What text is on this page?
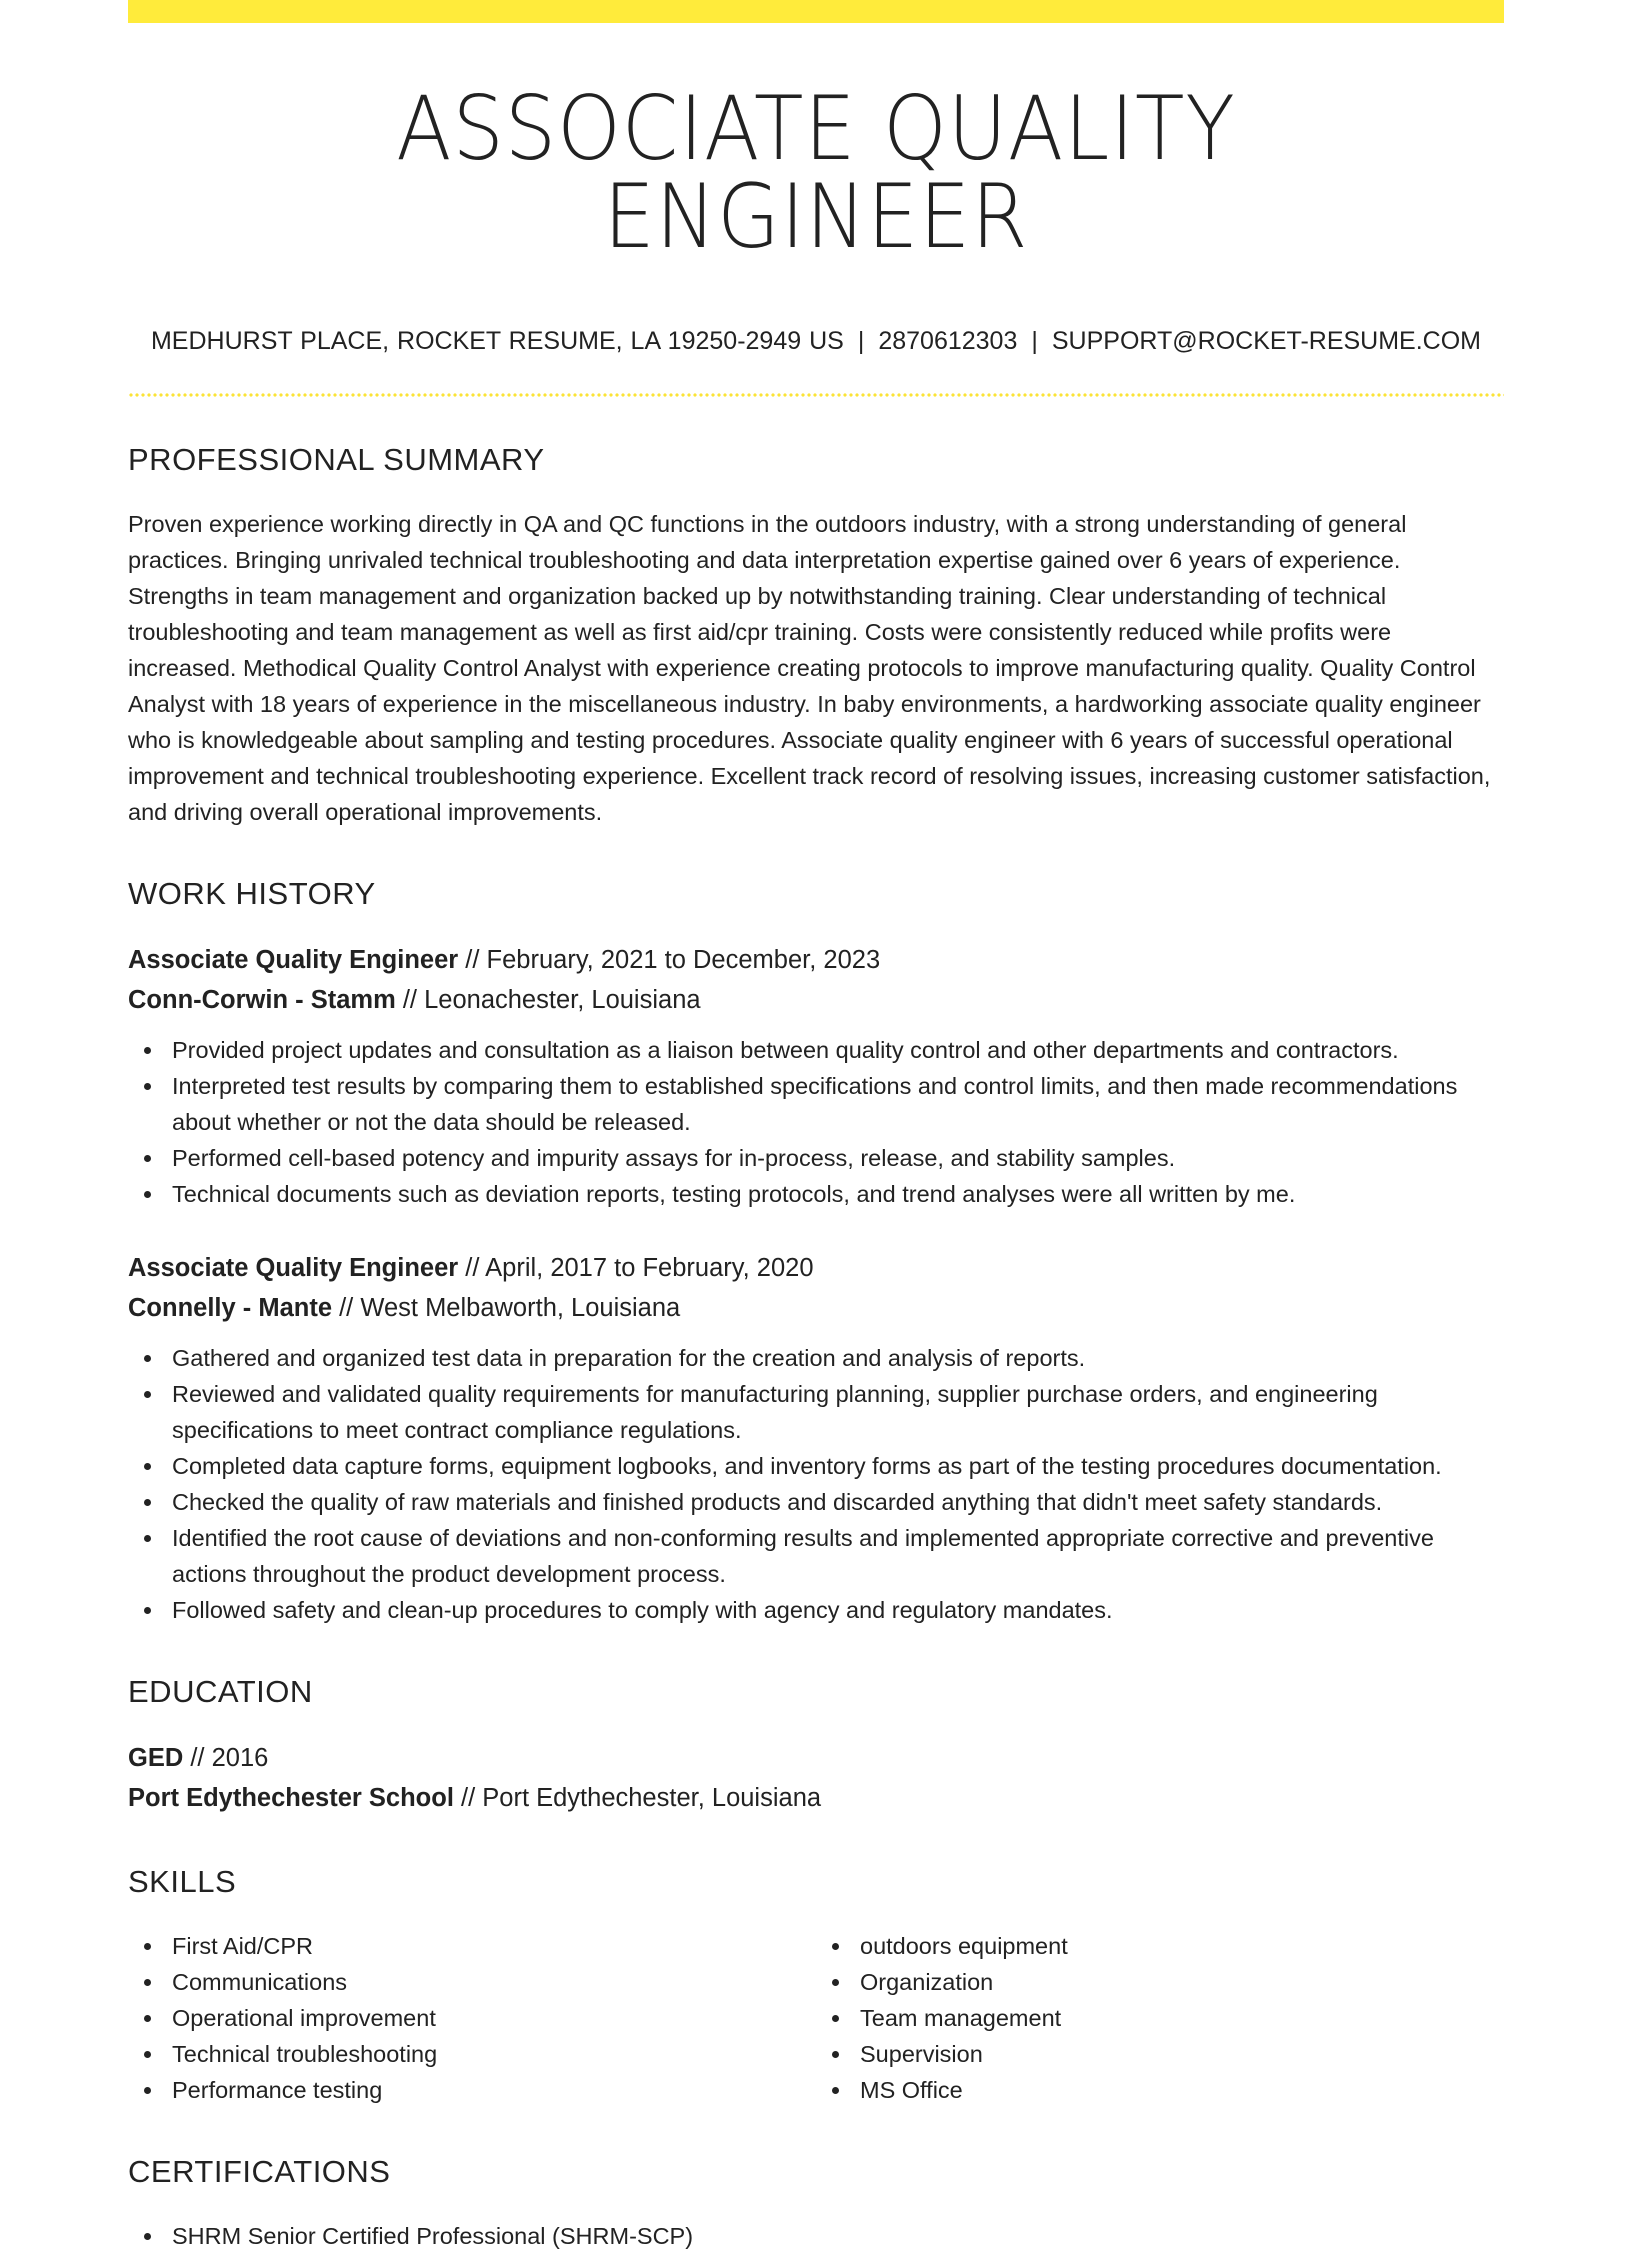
ASSOCIATE QUALITY ENGINEER
MEDHURST PLACE, ROCKET RESUME, LA 19250-2949 US | 2870612303 | SUPPORT@ROCKET-RESUME.COM
PROFESSIONAL SUMMARY

Proven experience working directly in QA and QC functions in the outdoors industry, with a strong understanding of general practices. Bringing unrivaled technical troubleshooting and data interpretation expertise gained over 6 years of experience. Strengths in team management and organization backed up by notwithstanding training. Clear understanding of technical troubleshooting and team management as well as first aid/cpr training. Costs were consistently reduced while profits were increased. Methodical Quality Control Analyst with experience creating protocols to improve manufacturing quality. Quality Control Analyst with 18 years of experience in the miscellaneous industry. In baby environments, a hardworking associate quality engineer who is knowledgeable about sampling and testing procedures. Associate quality engineer with 6 years of successful operational improvement and technical troubleshooting experience. Excellent track record of resolving issues, increasing customer satisfaction, and driving overall operational improvements.

WORK HISTORY
Associate Quality Engineer // February, 2021 to December, 2023
Conn-Corwin - Stamm // Leonachester, Louisiana
Provided project updates and consultation as a liaison between quality control and other departments and contractors.
Interpreted test results by comparing them to established specifications and control limits, and then made recommendations about whether or not the data should be released.
Performed cell-based potency and impurity assays for in-process, release, and stability samples.
Technical documents such as deviation reports, testing protocols, and trend analyses were all written by me.
Associate Quality Engineer // April, 2017 to February, 2020
Connelly - Mante // West Melbaworth, Louisiana
Gathered and organized test data in preparation for the creation and analysis of reports.
Reviewed and validated quality requirements for manufacturing planning, supplier purchase orders, and engineering specifications to meet contract compliance regulations.
Completed data capture forms, equipment logbooks, and inventory forms as part of the testing procedures documentation.
Checked the quality of raw materials and finished products and discarded anything that didn't meet safety standards.
Identified the root cause of deviations and non-conforming results and implemented appropriate corrective and preventive actions throughout the product development process.
Followed safety and clean-up procedures to comply with agency and regulatory mandates.
EDUCATION
GED // 2016
Port Edythechester School // Port Edythechester, Louisiana
SKILLS
First Aid/CPR
Communications
Operational improvement
Technical troubleshooting
Performance testing
outdoors equipment
Organization
Team management
Supervision
MS Office
CERTIFICATIONS
SHRM Senior Certified Professional (SHRM-SCP)
